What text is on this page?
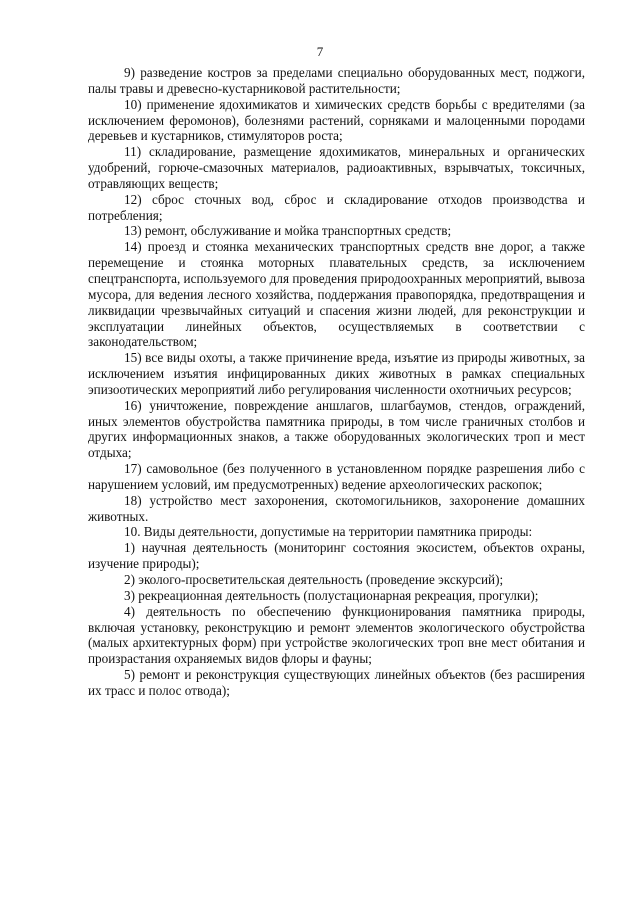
7

9) разведение костров за пределами специально оборудованных мест, поджоги, палы травы и древесно-кустарниковой растительности;

10) применение ядохимикатов и химических средств борьбы с вредителями (за исключением феромонов), болезнями растений, сорняками и малоценными породами деревьев и кустарников, стимуляторов роста;

11) складирование, размещение ядохимикатов, минеральных и органических удобрений, горюче-смазочных материалов, радиоактивных, взрывчатых, токсичных, отравляющих веществ;

12) сброс сточных вод, сброс и складирование отходов производства и потребления;

13) ремонт, обслуживание и мойка транспортных средств;

14) проезд и стоянка механических транспортных средств вне дорог, а также перемещение и стоянка моторных плавательных средств, за исключением спецтранспорта, используемого для проведения природоохранных мероприятий, вывоза мусора, для ведения лесного хозяйства, поддержания правопорядка, предотвращения и ликвидации чрезвычайных ситуаций и спасения жизни людей, для реконструкции и эксплуатации линейных объектов, осуществляемых в соответствии с законодательством;

15) все виды охоты, а также причинение вреда, изъятие из природы животных, за исключением изъятия инфицированных диких животных в рамках специальных эпизоотических мероприятий либо регулирования численности охотничьих ресурсов;

16) уничтожение, повреждение аншлагов, шлагбаумов, стендов, ограждений, иных элементов обустройства памятника природы, в том числе граничных столбов и других информационных знаков, а также оборудованных экологических троп и мест отдыха;

17) самовольное (без полученного в установленном порядке разрешения либо с нарушением условий, им предусмотренных) ведение археологических раскопок;

18) устройство мест захоронения, скотомогильников, захоронение домашних животных.

10. Виды деятельности, допустимые на территории памятника природы:

1) научная деятельность (мониторинг состояния экосистем, объектов охраны, изучение природы);

2) эколого-просветительская деятельность (проведение экскурсий);

3) рекреационная деятельность (полустационарная рекреация, прогулки);

4) деятельность по обеспечению функционирования памятника природы, включая установку, реконструкцию и ремонт элементов экологического обустройства (малых архитектурных форм) при устройстве экологических троп вне мест обитания и произрастания охраняемых видов флоры и фауны;

5) ремонт и реконструкция существующих линейных объектов (без расширения их трасс и полос отвода);
